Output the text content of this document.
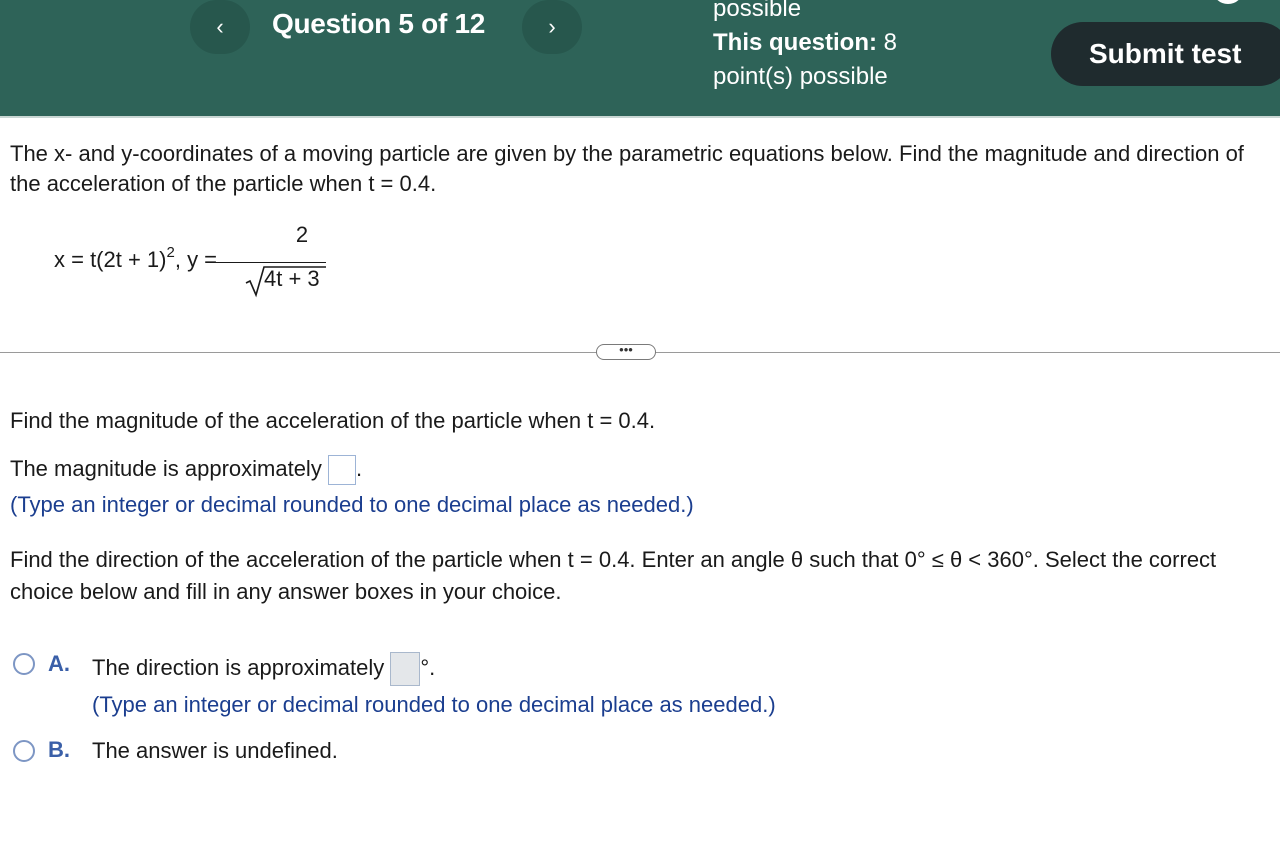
‹ Question 5 of 12	›
possible
This question: 8
point(s) possible
Submit test
The x- and y-coordinates of a moving particle are given by the parametric equations below. Find the magnitude and direction of the acceleration of the particle when t = 0.4.
$x = t(2t + 1)^2$, y =
2
4t + 3
•••
Find the magnitude of the acceleration of the particle when t = 0.4.
The magnitude is approximately .
(Type an integer or decimal rounded to one decimal place as needed.)
Find the direction of the acceleration of the particle when t = 0.4. Enter an angle θ such that 0° ≤ θ < 360°. Select the correct choice below and fill in any answer boxes in your choice.
A. The direction is approximately °.
(Type an integer or decimal rounded to one decimal place as needed.)
B. The answer is undefined.
